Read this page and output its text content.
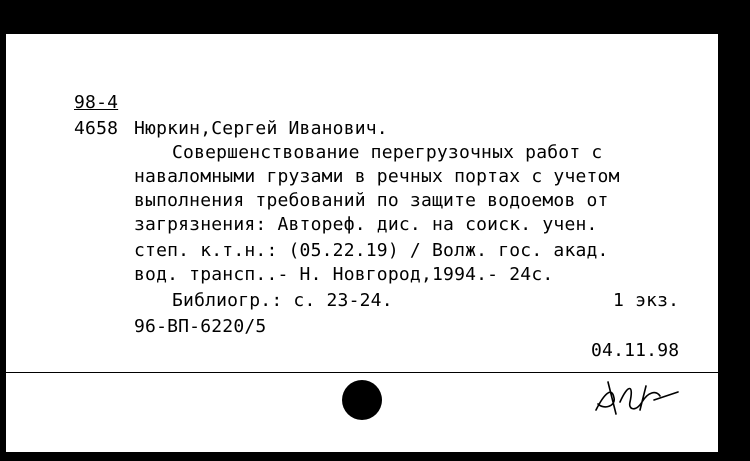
98-4
4658 Нюркин,Сергей Иванович.
Совершенствование перегрузочных работ с
наваломными грузами в речных портах с учетом
выполнения требований по защите водоемов от
загрязнения: Автореф. дис. на соиск. учен.
степ. к.т.н.: (05.22.19) / Волж. гос. акад.
вод. трансп..- Н. Новгород,1994.- 24с.
Библиогр.: с. 23-24.	1 экз.
96-ВП-6220/5
04.11.98
